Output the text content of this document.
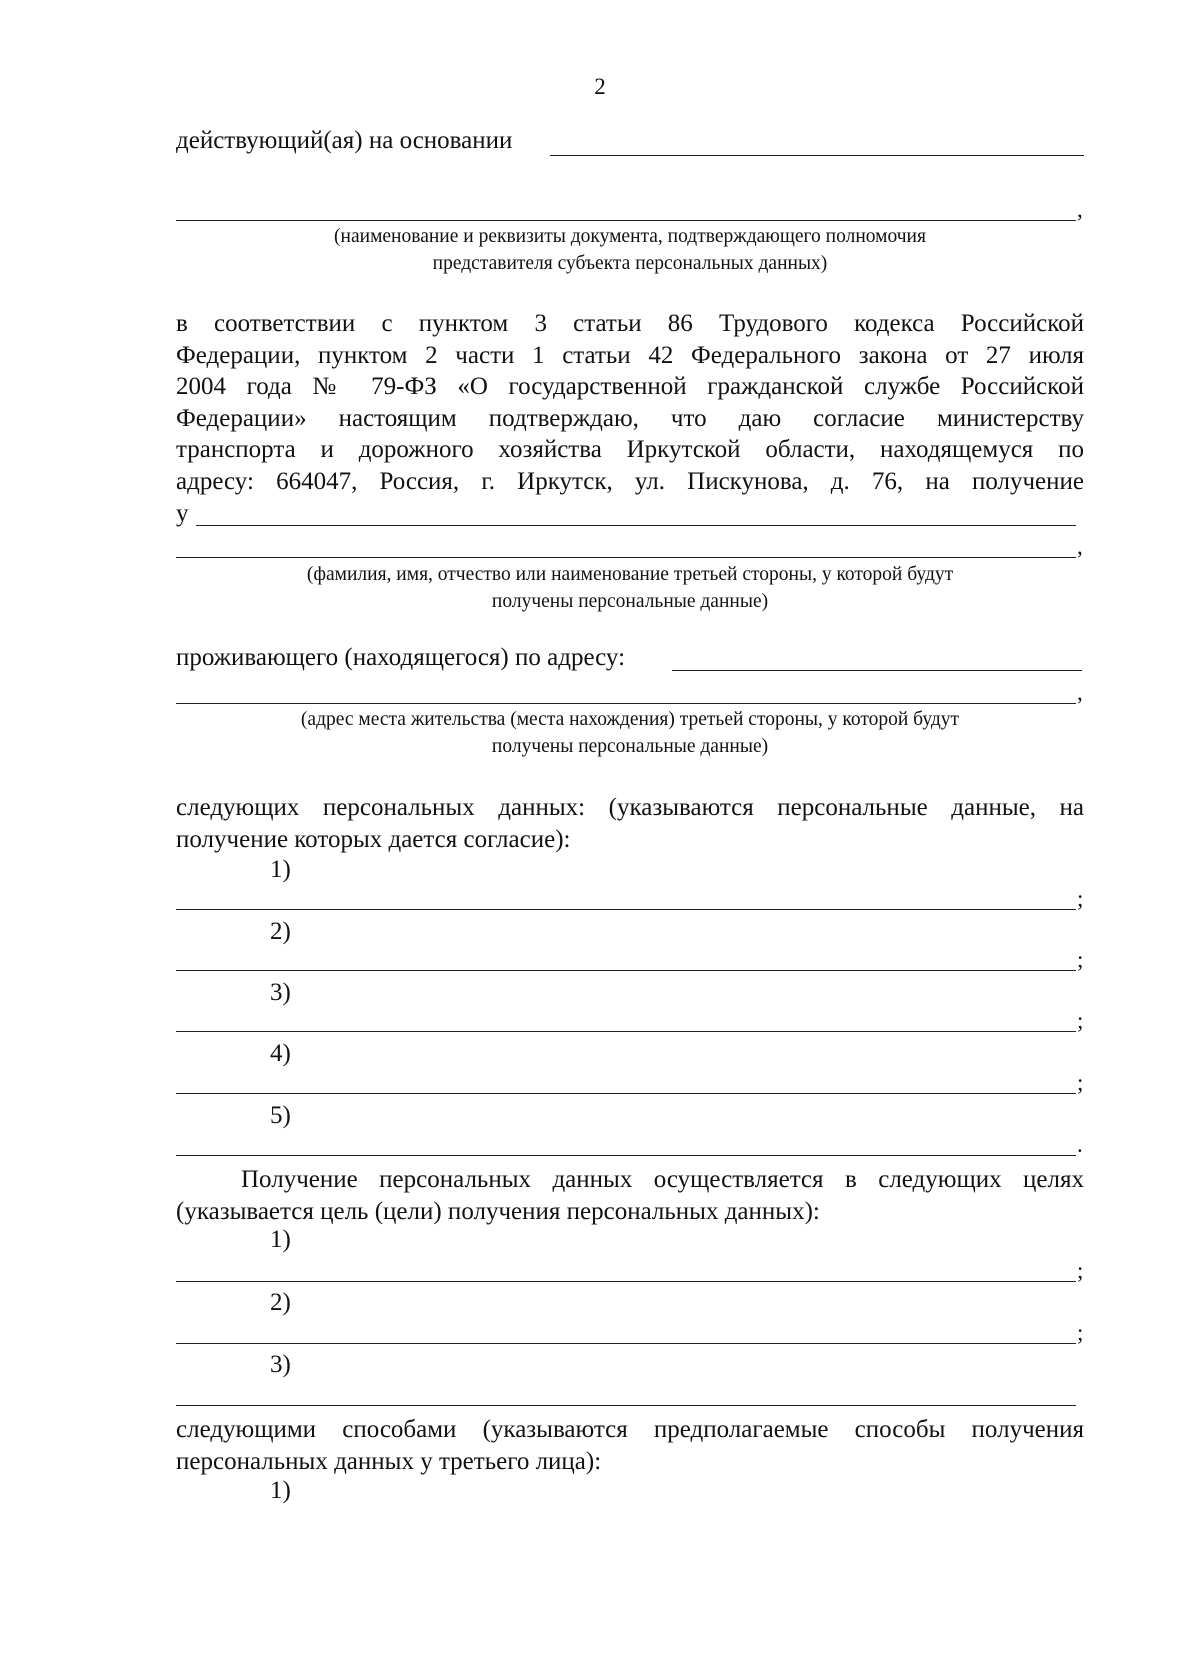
2
действующий(ая) на основании
,
(наименование и реквизиты документа, подтверждающего полномочия
представителя субъекта персональных данных)
в соответствии с пунктом 3 статьи 86 Трудового кодекса Российской
Федерации, пунктом 2 части 1 статьи 42 Федерального закона от 27 июля
2004 года № 79-ФЗ «О государственной гражданской службе Российской
Федерации» настоящим подтверждаю, что даю согласие министерству
транспорта и дорожного хозяйства Иркутской области, находящемуся по
адресу: 664047, Россия, г. Иркутск, ул. Пискунова, д. 76, на получение
у
,
(фамилия, имя, отчество или наименование третьей стороны, у которой будут
получены персональные данные)
проживающего (находящегося) по адресу:
,
(адрес места жительства (места нахождения) третьей стороны, у которой будут
получены персональные данные)
следующих персональных данных: (указываются персональные данные, на
получение которых дается согласие):
1)
;
2)
;
3)
;
4)
;
5)
.
Получение персональных данных осуществляется в следующих целях
(указывается цель (цели) получения персональных данных):
1)
;
2)
;
3)
следующими способами (указываются предполагаемые способы получения
персональных данных у третьего лица):
1)
